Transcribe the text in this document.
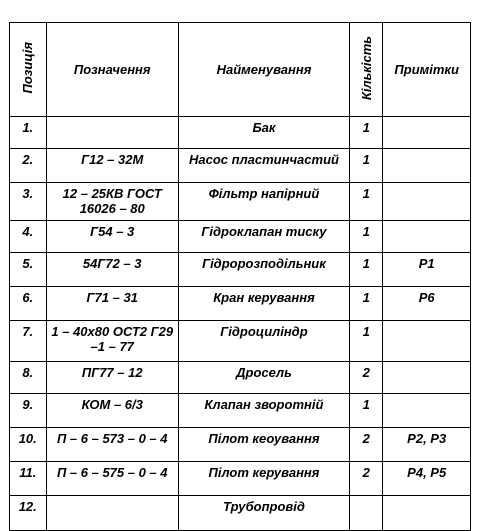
Позиція	Позначення	Найменування	Кількість	Примітки
1.		Бак	1	
2.	Г12 – 32М	Насос пластинчастий	1	
3.	12 – 25КВ ГОСТ 16026 – 80	Фільтр напірний	1	
4.	Г54 – 3	Гідроклапан тиску	1	
5.	54Г72 – 3	Гідророзподільник	1	Р1
6.	Г71 – 31	Кран керування	1	Р6
7.	1 – 40x80 ОСТ2 Г29 –1 – 77	Гідроциліндр	1	
8.	ПГ77 – 12	Дросель	2	
9.	КОМ – 6/3	Клапан зворотній	1	
10.	П – 6 – 573 – 0 – 4	Пілот кеоування	2	Р2, Р3
11.	П – 6 – 575 – 0 – 4	Пілот керування	2	Р4, Р5
12.		Трубопровід		
